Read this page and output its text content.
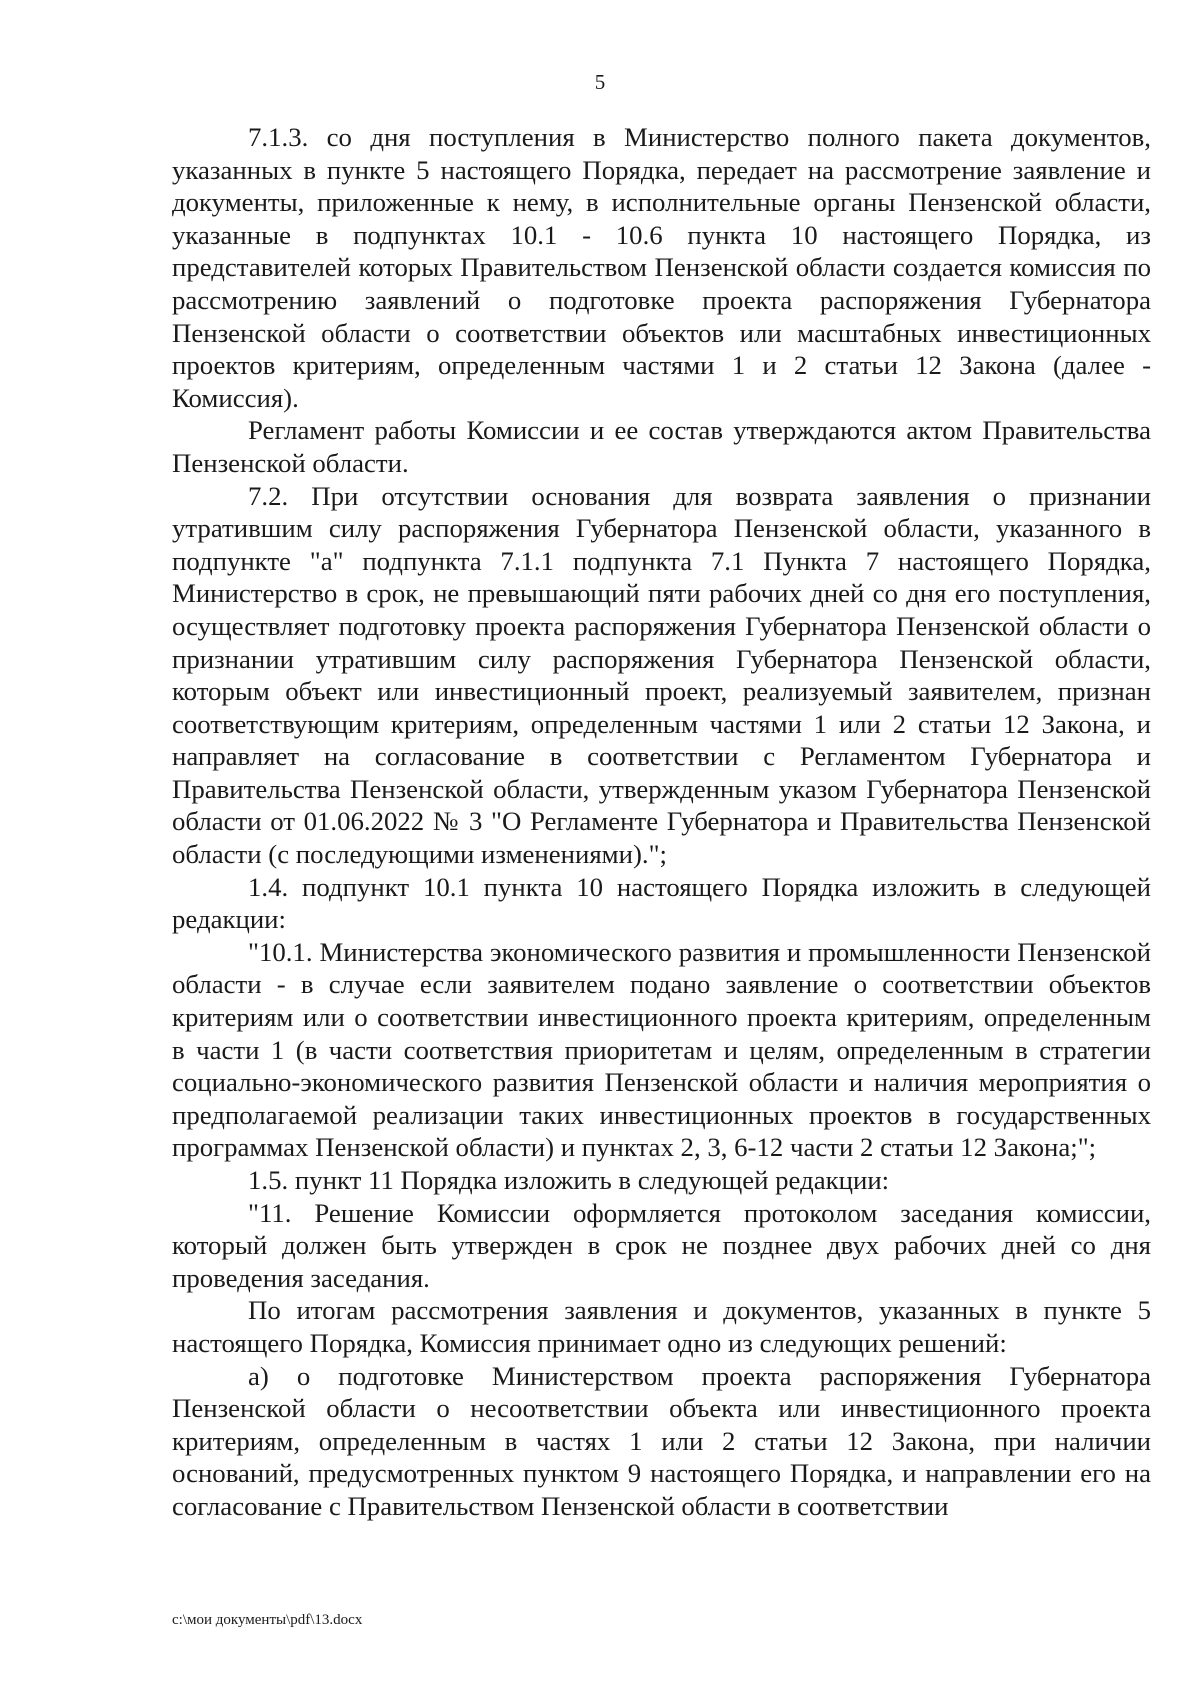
5

7.1.3. со дня поступления в Министерство полного пакета документов, указанных в пункте 5 настоящего Порядка, передает на рассмотрение заявление и документы, приложенные к нему, в исполнительные органы Пензенской области, указанные в подпунктах 10.1 - 10.6 пункта 10 настоящего Порядка, из представителей которых Правительством Пензенской области создается комиссия по рассмотрению заявлений о подготовке проекта распоряжения Губернатора Пензенской области о соответствии объектов или масштабных инвестиционных проектов критериям, определенным частями 1 и 2 статьи 12 Закона (далее - Комиссия).

Регламент работы Комиссии и ее состав утверждаются актом Правительства Пензенской области.

7.2. При отсутствии основания для возврата заявления о признании утратившим силу распоряжения Губернатора Пензенской области, указанного в подпункте "а" подпункта 7.1.1 подпункта 7.1 Пункта 7 настоящего Порядка, Министерство в срок, не превышающий пяти рабочих дней со дня его поступления, осуществляет подготовку проекта распоряжения Губернатора Пензенской области о признании утратившим силу распоряжения Губернатора Пензенской области, которым объект или инвестиционный проект, реализуемый заявителем, признан соответствующим критериям, определенным частями 1 или 2 статьи 12 Закона, и направляет на согласование в соответствии с Регламентом Губернатора и Правительства Пензенской области, утвержденным указом Губернатора Пензенской области от 01.06.2022 № 3 "О Регламенте Губернатора и Правительства Пензенской области (с последующими изменениями).";

1.4. подпункт 10.1 пункта 10 настоящего Порядка изложить в следующей редакции:

"10.1. Министерства экономического развития и промышленности Пензенской области - в случае если заявителем подано заявление о соответствии объектов критериям или о соответствии инвестиционного проекта критериям, определенным в части 1 (в части соответствия приоритетам и целям, определенным в стратегии социально-экономического развития Пензенской области и наличия мероприятия о предполагаемой реализации таких инвестиционных проектов в государственных программах Пензенской области) и пунктах 2, 3, 6-12 части 2 статьи 12 Закона;";

1.5. пункт 11 Порядка изложить в следующей редакции:

"11. Решение Комиссии оформляется протоколом заседания комиссии, который должен быть утвержден в срок не позднее двух рабочих дней со дня проведения заседания.

По итогам рассмотрения заявления и документов, указанных в пункте 5 настоящего Порядка, Комиссия принимает одно из следующих решений:

а) о подготовке Министерством проекта распоряжения Губернатора Пензенской области о несоответствии объекта или инвестиционного проекта критериям, определенным в частях 1 или 2 статьи 12 Закона, при наличии оснований, предусмотренных пунктом 9 настоящего Порядка, и направлении его на согласование с Правительством Пензенской области в соответствии

c:\мои документы\pdf\13.docx
